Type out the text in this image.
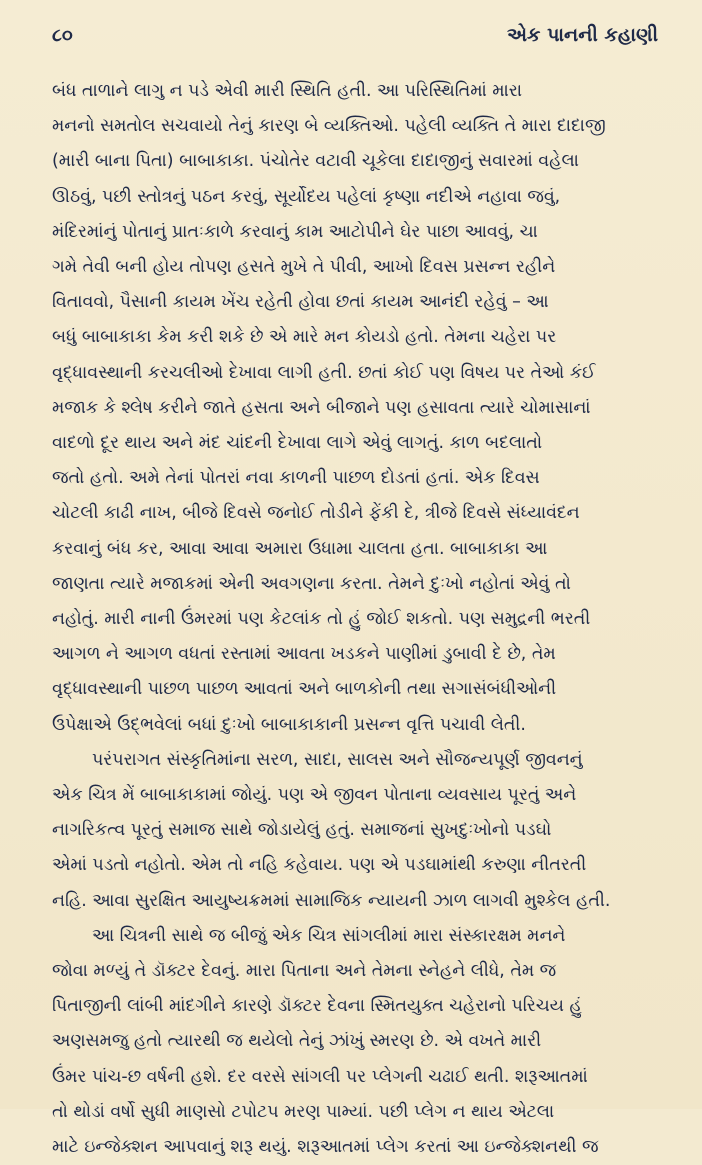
૮૦	એક પાનની કહાણી

બંધ તાળાને લાગુ ન પડે એવી મારી સ્થિતિ હતી. આ પરિસ્થિતિમાં મારા

મનનો સમતોલ સચવાયો તેનું કારણ બે વ્યક્તિઓ. પહેલી વ્યક્તિ તે મારા દાદાજી

(મારી બાના પિતા) બાબાકાકા. પંચોતેર વટાવી ચૂકેલા દાદાજીનું સવારમાં વહેલા

ઊઠવું, પછી સ્તોત્રનું પઠન કરવું, સૂર્યોદય પહેલાં કૃષ્ણા નદીએ નહાવા જવું,

મંદિરમાંનું પોતાનું પ્રાતઃકાળે કરવાનું કામ આટોપીને ઘેર પાછા આવવું, ચા

ગમે તેવી બની હોય તોપણ હસતે મુખે તે પીવી, આખો દિવસ પ્રસન્ન રહીને

વિતાવવો, પૈસાની કાયમ ખેંચ રહેતી હોવા છતાં કાયમ આનંદી રહેવું – આ

બધું બાબાકાકા કેમ કરી શકે છે એ મારે મન કોયડો હતો. તેમના ચહેરા પર

વૃદ્ધાવસ્થાની કરચલીઓ દેખાવા લાગી હતી. છતાં કોઈ પણ વિષય પર તેઓ કંઈ

મજાક કે શ્લેષ કરીને જાતે હસતા અને બીજાને પણ હસાવતા ત્યારે ચોમાસાનાં

વાદળો દૂર થાય અને મંદ ચાંદની દેખાવા લાગે એવું લાગતું. કાળ બદલાતો

જતો હતો. અમે તેનાં પોતરાં નવા કાળની પાછળ દોડતાં હતાં. એક દિવસ

ચોટલી કાઢી નાખ, બીજે દિવસે જનોઈ તોડીને ફેંકી દે, ત્રીજે દિવસે સંધ્યાવંદન

કરવાનું બંધ કર, આવા આવા અમારા ઉધામા ચાલતા હતા. બાબાકાકા આ

જાણતા ત્યારે મજાકમાં એની અવગણના કરતા. તેમને દુઃખો નહોતાં એવું તો

નહોતું. મારી નાની ઉંમરમાં પણ કેટલાંક તો હું જોઈ શકતો. પણ સમુદ્રની ભરતી

આગળ ને આગળ વધતાં રસ્તામાં આવતા ખડકને પાણીમાં ડુબાવી દે છે, તેમ

વૃદ્ધાવસ્થાની પાછળ પાછળ આવતાં અને બાળકોની તથા સગાસંબંધીઓની

ઉપેક્ષાએ ઉદ્ભવેલાં બધાં દુઃખો બાબાકાકાની પ્રસન્ન વૃત્તિ પચાવી લેતી.

પરંપરાગત સંસ્કૃતિમાંના સરળ, સાદા, સાલસ અને સૌજન્યપૂર્ણ જીવનનું

એક ચિત્ર મેં બાબાકાકામાં જોયું. પણ એ જીવન પોતાના વ્યવસાય પૂરતું અને

નાગરિકત્વ પૂરતું સમાજ સાથે જોડાયેલું હતું. સમાજનાં સુખદુઃખોનો પડઘો

એમાં પડતો નહોતો. એમ તો નહિ કહેવાય. પણ એ પડઘામાંથી કરુણા નીતરતી

નહિ. આવા સુરક્ષિત આયુષ્યક્રમમાં સામાજિક ન્યાયની ઝાળ લાગવી મુશ્કેલ હતી.

આ ચિત્રની સાથે જ બીજું એક ચિત્ર સાંગલીમાં મારા સંસ્કારક્ષમ મનને

જોવા મળ્યું તે ડૉક્ટર દેવનું. મારા પિતાના અને તેમના સ્નેહને લીધે, તેમ જ

પિતાજીની લાંબી માંદગીને કારણે ડૉક્ટર દેવના સ્મિતયુક્ત ચહેરાનો પરિચય હું

અણસમજુ હતો ત્યારથી જ થયેલો તેનું ઝાંખું સ્મરણ છે. એ વખતે મારી

ઉંમર પાંચ-છ વર્ષની હશે. દર વરસે સાંગલી પર પ્લેગની ચઢાઈ થતી. શરૂઆતમાં

તો થોડાં વર્ષો સુધી માણસો ટપોટપ મરણ પામ્યાં. પછી પ્લેગ ન થાય એટલા

માટે ઇન્જેક્શન આપવાનું શરૂ થયું. શરૂઆતમાં પ્લેગ કરતાં આ ઇન્જેક્શનથી જ
